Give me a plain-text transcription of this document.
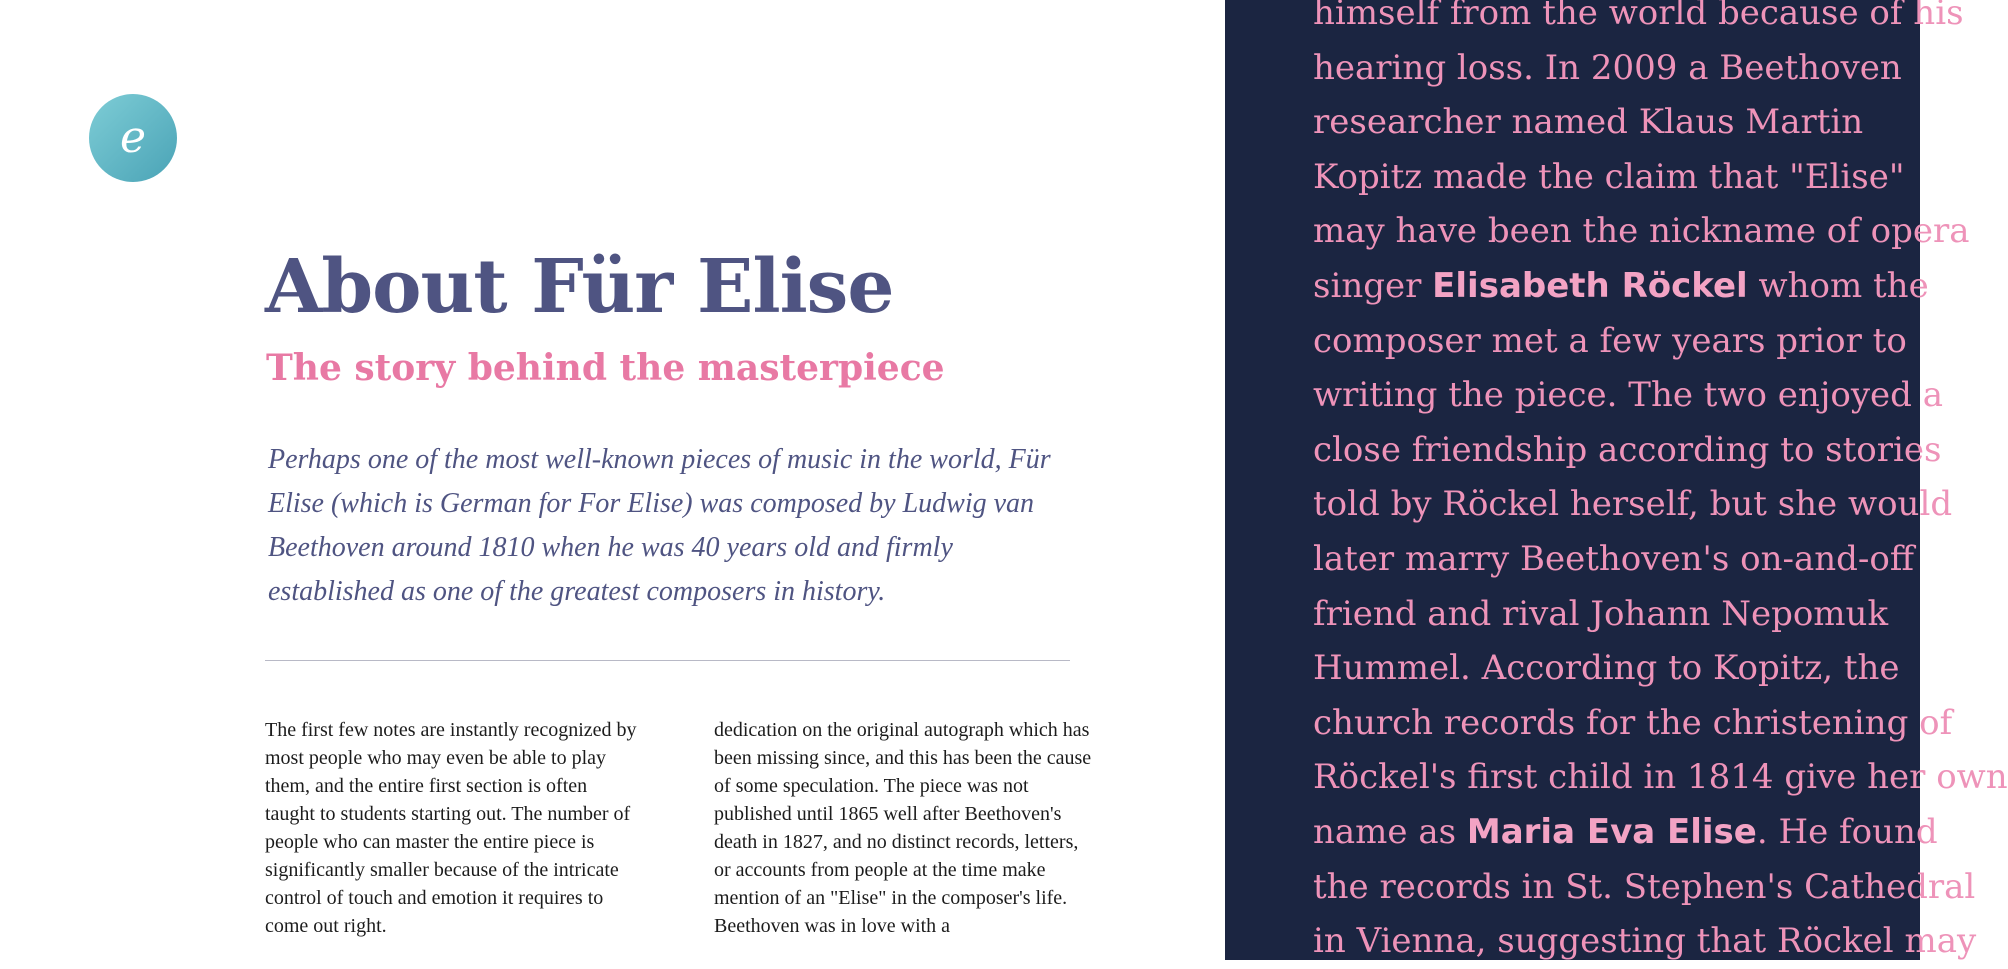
e
About Für Elise
The story behind the masterpiece

Perhaps one of the most well-known pieces of music in the world, Für Elise (which is German for For Elise) was composed by Ludwig van Beethoven around 1810 when he was 40 years old and firmly established as one of the greatest composers in history.

The first few notes are instantly recognized by most people who may even be able to play them, and the entire first section is often taught to students starting out. The number of people who can master the entire piece is significantly smaller because of the intricate control of touch and emotion it requires to come out right.

dedication on the original autograph which has been missing since, and this has been the cause of some speculation. The piece was not published until 1865 well after Beethoven's death in 1827, and no distinct records, letters, or accounts from people at the time make mention of an "Elise" in the composer's life. Beethoven was in love with a

himself from the world because of his
hearing loss. In 2009 a Beethoven
researcher named Klaus Martin
Kopitz made the claim that "Elise"
may have been the nickname of opera
singer Elisabeth Röckel whom the
composer met a few years prior to
writing the piece. The two enjoyed a
close friendship according to stories
told by Röckel herself, but she would
later marry Beethoven's on-and-off
friend and rival Johann Nepomuk
Hummel. According to Kopitz, the
church records for the christening of
Röckel's first child in 1814 give her own
name as Maria Eva Elise. He found
the records in St. Stephen's Cathedral
in Vienna, suggesting that Röckel may
